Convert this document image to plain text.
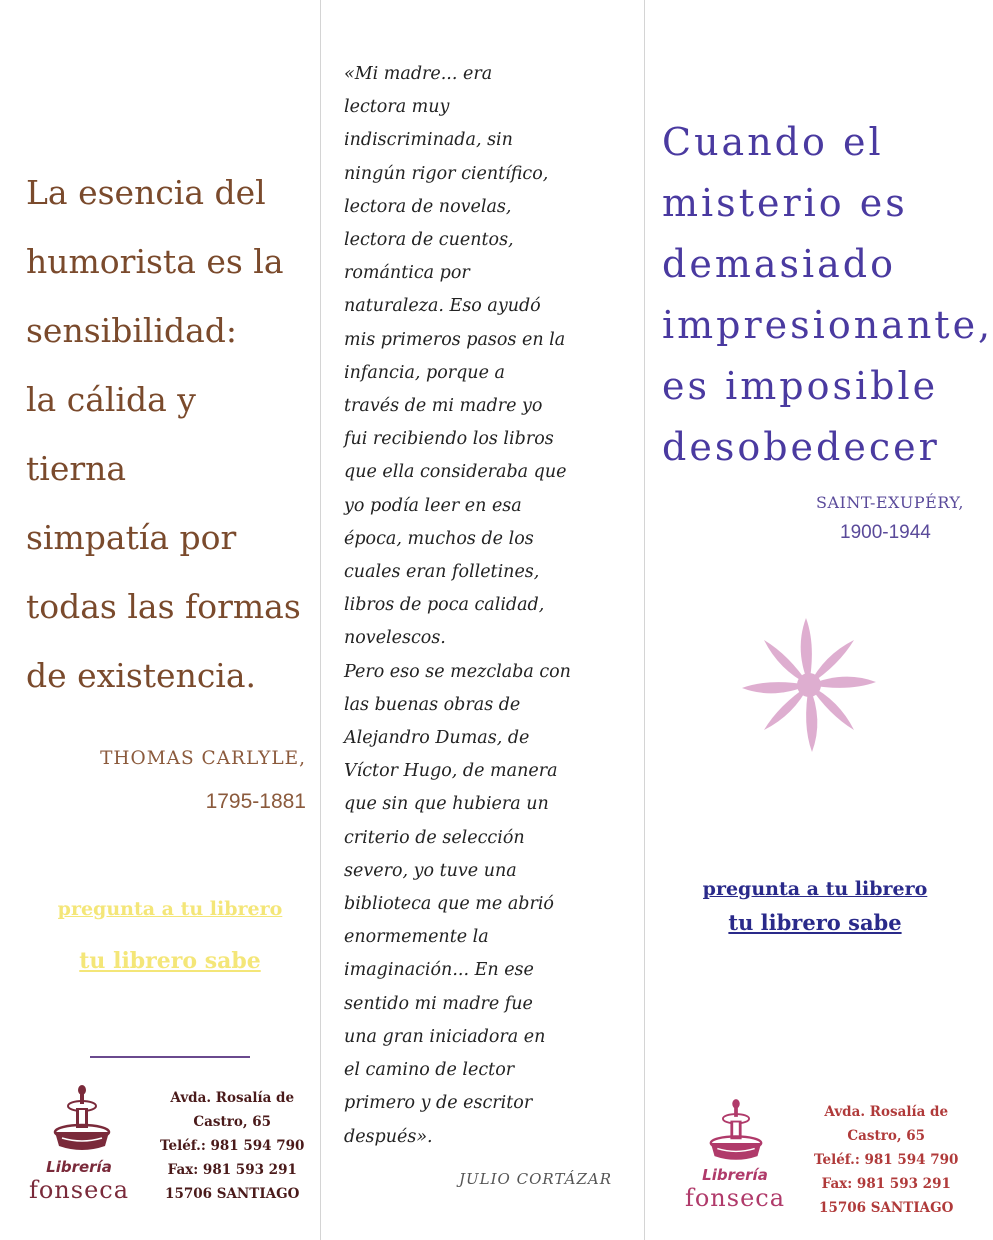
La esencia del
humorista es la
sensibilidad:
la cálida y
tierna
simpatía por
todas las formas
de existencia.
THOMAS CARLYLE,
1795-1881
pregunta a tu librero
tu librero sabe
Librería
fonseca
Avda. Rosalía de
Castro, 65
Teléf.: 981 594 790
Fax: 981 593 291
15706 SANTIAGO
«Mi madre... era
lectora muy
indiscriminada, sin
ningún rigor científico,
lectora de novelas,
lectora de cuentos,
romántica por
naturaleza. Eso ayudó
mis primeros pasos en la
infancia, porque a
través de mi madre yo
fui recibiendo los libros
que ella consideraba que
yo podía leer en esa
época, muchos de los
cuales eran folletines,
libros de poca calidad,
novelescos.
Pero eso se mezclaba con
las buenas obras de
Alejandro Dumas, de
Víctor Hugo, de manera
que sin que hubiera un
criterio de selección
severo, yo tuve una
biblioteca que me abrió
enormemente la
imaginación... En ese
sentido mi madre fue
una gran iniciadora en
el camino de lector
primero y de escritor
después».
JULIO CORTÁZAR
Cuando el
misterio es
demasiado
impresionante,
es imposible
desobedecer
SAINT-EXUPÉRY,
1900-1944
pregunta a tu librero
tu librero sabe
Librería
fonseca
Avda. Rosalía de
Castro, 65
Teléf.: 981 594 790
Fax: 981 593 291
15706 SANTIAGO
